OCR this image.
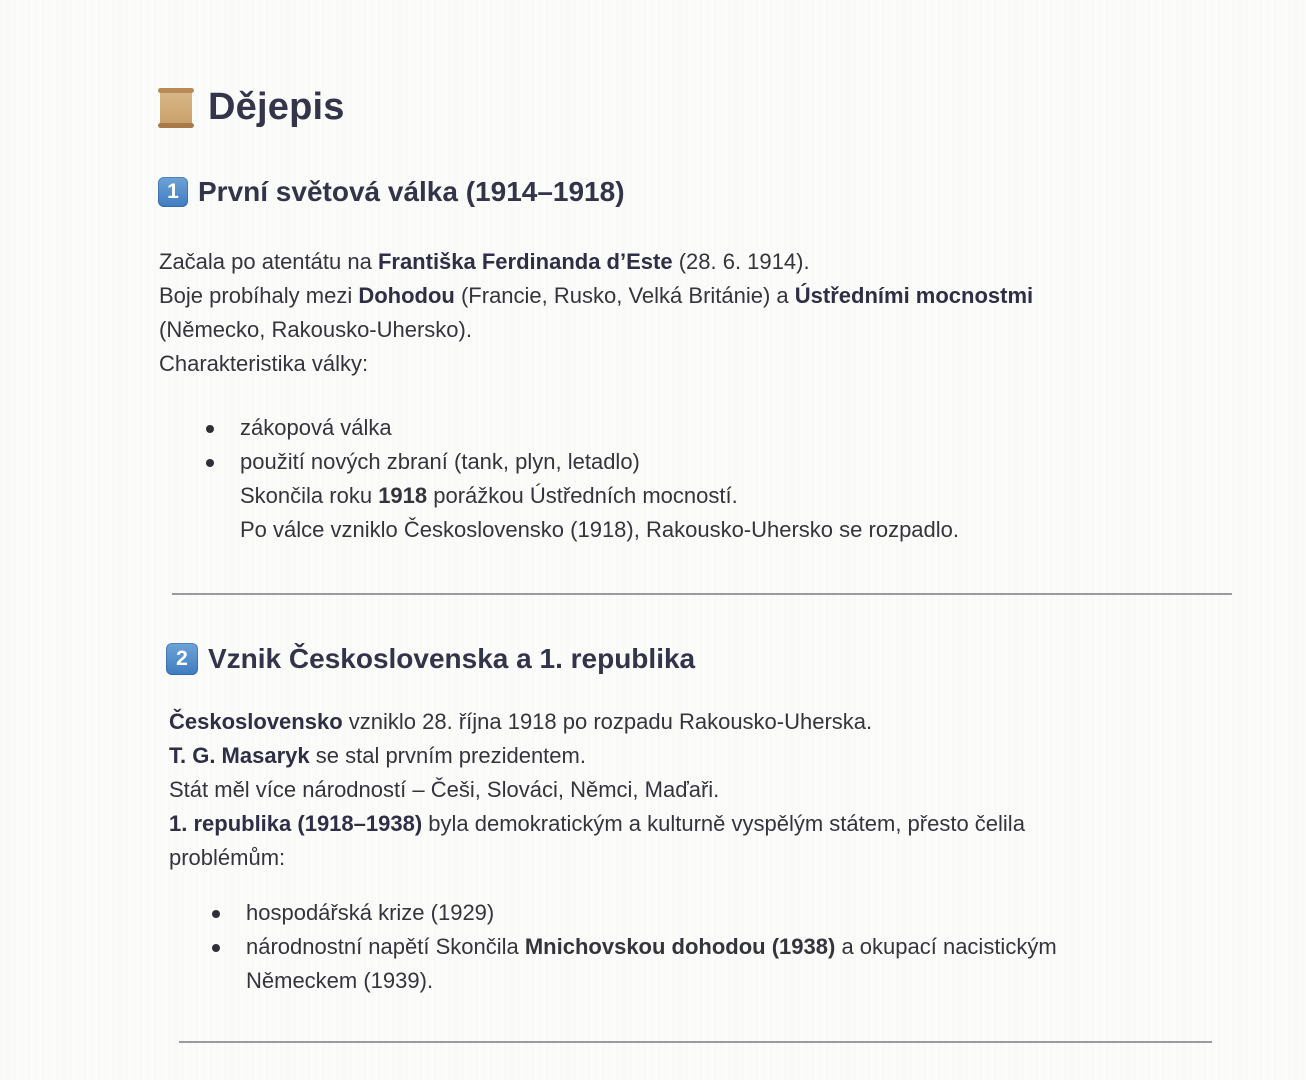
Dějepis
1 První světová válka (1914–1918)
Začala po atentátu na Františka Ferdinanda d’Este (28. 6. 1914).
Boje probíhaly mezi Dohodou (Francie, Rusko, Velká Británie) a Ústředními mocnostmi
(Německo, Rakousko-Uhersko).
Charakteristika války:
zákopová válka
použití nových zbraní (tank, plyn, letadlo)
Skončila roku 1918 porážkou Ústředních mocností.
Po válce vzniklo Československo (1918), Rakousko-Uhersko se rozpadlo.
2 Vznik Československa a 1. republika
Československo vzniklo 28. října 1918 po rozpadu Rakousko-Uherska.
T. G. Masaryk se stal prvním prezidentem.
Stát měl více národností – Češi, Slováci, Němci, Maďaři.
1. republika (1918–1938) byla demokratickým a kulturně vyspělým státem, přesto čelila
problémům:
hospodářská krize (1929)
národnostní napětí Skončila Mnichovskou dohodou (1938) a okupací nacistickým
Německem (1939).
